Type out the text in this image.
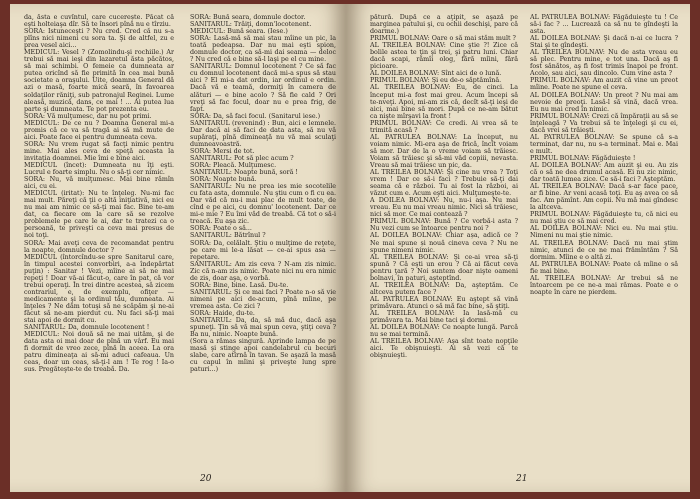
da, ăsta e cuvîntul, care cucerește. Păcat că eşti holteiaşa dîr. Să te însori pînă nu e tîrziu.

SORA: Istuneceşti ? Nu cred. Cred că nu s-a plîns nici nimeni cu sora ta. Şi de altfel, zu e prea vesel aici...

MEDICUL: Vesel ? (Zomolindu-şi rochiile.) Ar trebui să mai ieşi din lazaretul ăsta păcătos, să mai schimbi. O femeie ca dumneata ar putea oricînd să fie primită în cea mai bună societate a oraşului. Uite, doamna General dă azi o masă, foarte mică seară, în favoarea soldaţilor răniţi, sub patronajul Reginei. Lume aleasă, muzică, dans, ce mai ! ... Ai putea lua parte şi dumneata. Te pot prezenta eu.

SORA: Vă mulţumesc, dar nu pot primi.

MEDICUL: De ce nu ? Doamna General mi-a promis că ce va să tragă ai să mă mute de aici. Poate face ei pentru dumneata ceva.

SORA: Nu vrem rugat să facţi nimic pentru mine. Mai ales ceva de speţă aceasta la invitaţia doamnei. Mie îmi e bine aici.

MEDICUL (încet): Dumneata nu îţi eşti. Lucrul e foarte simplu. Nu o să-ţi cer nimic.

SORA: Nu, vă mulţumesc. Mai bine rămîn aici, cu ei.

MEDICUL (iritat): Nu te înţeleg. Nu-mi fac mai mult. Păreţi că ţii o altă iniţiativă, nici eu nu mai am nimic ce să-ţi mai fac. Bine te-am dat, ca fiecare om la care să se rezolve problemele pe care le ai, dar te tratezi ca o persoană, te priveşti ca ceva mai presus de noi toţi.

SORA: Mai aveţi ceva de recomandat pentru la noapte, domnule doctor ?

MEDICUL (întorcîndu-se spre Sanitarul care, în timpul acestei convorbiri, a-a îndepărtat puţin) : Sanitar ! Vezi, mîine ai să ne mai repeţi ! Doar vă-ai făcut-o, care în pat, că vor trebui operaţi. În trei dintre acestea, să zicem contrariul, e, de exemplu, ofiţer — medicamente şi la ordinul tău, dumneata. Ai înţeles ? Ne dăm totuşi să ne scăpăm şi ne-ai făcut să ne-am pierdut cu. Nu faci să-ţi mai stai apoi de dormit cu.

SANITARUL: Da, domnule locotenent !

MEDICUL: Noi două să ne mai uităm, şi de data asta oi mai doar de pînă un vârf. Eu mai fi dormit de vreo zece, pînă în aceea. La ora patru dimineaţa ai să-mi aduci cafeaua. Un ceas, doar un ceas, să-ţi-l am ! Te rog ! Ia-o sus. Pregăteşte-te de treabă. Da.

SORA: Bună seara, domnule doctor.

SANITARUL: Trăiţi, domn'locotenent.

MEDICUL: Bună seara. (Iese.)

SORA: Lasă-mă să mai stau mîine un pic, la toată pedeapsa. Dar nu mai eşti spion, domnule doctor, ca să-mi dai seama — deloc ? Nu cred că e bine să-l laşi pe el cu mine.

SANITARUL: Domnul locotenent ? Ce să fac cu domnul locotenent dacă mi-a spus să stau aici ? El mi-a dat ordin, iar ordinul e ordin. Dacă vă e teamă, dormiţi în camera de alături — e bine acolo ? Să fie cald ? Ori vreţi să fac focul, doar nu e prea frig, de fapt.

SORA: Da, să faci focul. (Sanitarul iese.)

SANITARUL (revenind) : Bun, aici e lemnele. Dar dacă ai să faci de data asta, să nu vă supăraţi, pînă dimineaţă nu vă mai sculaţi dumneavoastră.

SORA: Mersi de tot.

SANITARUL: Pot să plec acum ?

SORA: Pleacă. Mulţumesc.

SANITARUL: Noapte bună, soră !

SORA: Noapte bună.

SANITARUL: Nu ne prea ies mie socotelile cu fata asta, domnule. Nu ştiu cum o fi cu ea. Dar văd că nu-i mai plac de mult toate, de cînd e pe aici, cu domnu' locotenent. Dar ce mi-e mie ? Eu îmi văd de treabă. Că tot o să-i treacă. Eu aşa zic.

SORA: Poate o să...

SANITARUL: Bătrînul ?

SORA: Da, celălalt. Ştiu o mulţime de reţete, pe care mi le-a lăsat — ce-ai spus asa — repetare.

SANITARUL: Am zis ceva ? N-am zis nimic. Zic că n-am zis nimic. Poate nici nu era nimic de zis, doar aşa, o vorbă.

SORA: Bine, bine. Lasă. Du-te.

SANITARUL: Şi ce mai faci ? Poate n-o să vie nimeni pe aici de-acum, pînă mîine, pe vremea asta. Ce zici ?

SORA: Haide, du-te.

SANITARUL: Da, da, să mă duc, dacă aşa spuneţi. Ţin să vă mai spun ceva, ştiţi ceva ? Ba nu, nimic. Noapte bună.

(Sora a rămas singură. Aprinde lampa de pe masă şi stinge apoi candelabrul cu becuri slabe, care atîrnă în tavan. Se aşază la masă cu capul în mîini şi priveşte lung spre paturi...)

20

pătură. După ce a aţipit, se aşază pe marginea patului şi, cu ochii deschişi, pare că doarme.)

PRIMUL BOLNAV: Oare o să mai stăm mult ?

AL TREILEA BOLNAV: Cine ştie ?! Zice că bolile astea te ţin şi trei, şi patru luni. Chiar dacă scapi, rămîi olog, fără mîini, fără picioare.

AL DOILEA BOLNAV: Sînt aici de o lună.

PRIMUL BOLNAV: Şi eu de-o săptămînă.

AL TREILEA BOLNAV: Eu, de cinci. La început mi-a fost mai greu. Acum începi să te-nveţi. Apoi, mi-am zis că, decît să-ţi ieşi de aici, mai bine să mori. După ce ne-am bătut ca nişte mîrşavi la front !

PRIMUL BOLNAV: Ce credi. Ai vrea să te trimită acasă ?

AL PATRULEA BOLNAV: La început, nu voiam nimic. Mi-era aşa de frică, încît voiam să mor. Dar de la o vreme voiam să trăiesc. Voiam să trăiesc şi să-mi văd copiii, nevasta. Vreau să mai trăiesc un pic, da.

AL TREILEA BOLNAV: Şi cine nu vrea ? Toţi vrem ! Dar ce să-i faci ? Trebuie să-ţi dai seama că e război. Tu ai fost la război, ai văzut cum e. Acum eşti aici. Mulţumeşte-te.

A DOILEA BOLNAV: Nu, nu-i aşa. Nu mai vreau. Eu nu mai vreau nimic. Nici să trăiesc, nici să mor. Ce mai contează ?

PRIMUL BOLNAV: Bună ? Ce vorbă-i asta ? Nu vezi cum se întoarce pentru noi ?

AL DOILEA BOLNAV: Chiar așa, adică ce ? Ne mai spune și nouă cineva ceva ? Nu ne spune nimeni nimic.

AL TREILEA BOLNAV: Şi ce-ai vrea să-ţi spună ? Că eşti un erou ? Că ai făcut ceva pentru ţară ? Noi suntem doar nişte oameni bolnavi, în paturi, aşteptînd.

AL TREILEA BOLNAV: Da, aşteptăm. Ce altceva putem face ?

AL PATRULEA BOLNAV: Eu aştept să vină primăvara. Atunci o să mă fac bine, să ştiţi.

AL TREILEA BOLNAV: Ia lasă-mă cu primăvara ta. Mai bine taci şi dormi.

AL DOILEA BOLNAV: Ce noapte lungă. Parcă nu se mai termină.

AL TREILEA BOLNAV: Aşa sînt toate nopţile aici. Te obişnuieşti. Ai să vezi că te obişnuieşti.

AL PATRULEA BOLNAV: Făgăduieşte tu ! Ce să-i fac ? ... Lucrează ca să nu te gîndeşti la asta.

AL DOILEA BOLNAV: Şi dacă n-ai ce lucra ? Stai şi te gîndeşti.

AL TREILEA BOLNAV: Nu de asta vreau eu să plec. Pentru mine, e tot una. Dacă aş fi fost sănătos, aş fi fost trimis înapoi pe front. Acolo, sau aici, sau dincolo. Cum vine asta ?

PRIMUL BOLNAV: Am auzit că vine un preot mîine. Poate ne spune el ceva.

AL DOILEA BOLNAV: Un preot ? Nu mai am nevoie de preoţi. Lasă-l să vină, dacă vrea. Eu nu mai cred în nimic.

PRIMUL BOLNAV: Crezi că împăraţii au să se înţeleagă ? Va trebui să te înţelegi şi cu ei, dacă vrei să trăieşti.

AL PATRULEA BOLNAV: Se spune că s-a terminat, dar nu, nu s-a terminat. Mai e. Mai e mult.

PRIMUL BOLNAV: Făgăduieşte !

AL DOILEA BOLNAV: Am auzit şi eu. Au zis că o să ne dea drumul acasă. Ei nu zic nimic, dar toată lumea zice. Ce să-i faci ? Aşteptăm.

AL TREILEA BOLNAV: Dacă s-ar face pace, ar fi bine. Ar veni acasă toţi. Eu aş avea ce să fac. Am pămînt. Am copii. Nu mă mai gîndesc la altceva.

PRIMUL BOLNAV: Făgăduieşte tu, că nici eu nu mai ştiu ce să mai cred.

AL DOILEA BOLNAV: Nici eu. Nu mai ştiu. Nimeni nu mai ştie nimic.

AL TREILEA BOLNAV: Dacă nu mai ştim nimic, atunci de ce ne mai frămîntăm ? Să dormim. Mîine e o altă zi.

AL PATRULEA BOLNAV: Poate că mîine o să fie mai bine.

AL TREILEA BOLNAV: Ar trebui să ne întoarcem pe ce ne-a mai rămas. Poate e o noapte în care ne pierdem.

21
